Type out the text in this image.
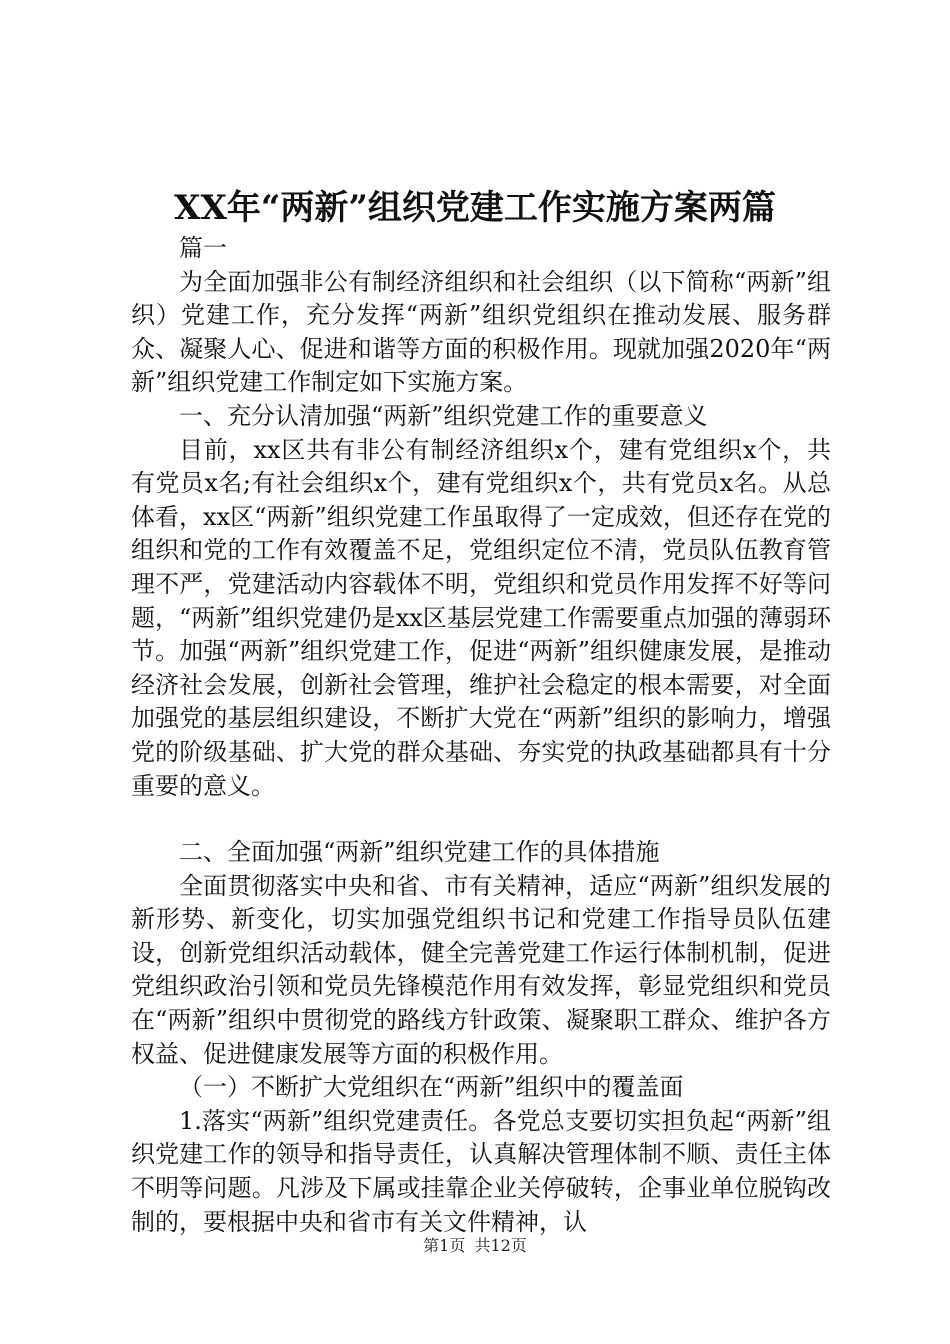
XX年“两新”组织党建工作实施方案两篇

篇一

为全面加强非公有制经济组织和社会组织（以下简称“两新”组织）党建工作，充分发挥“两新”组织党组织在推动发展、服务群众、凝聚人心、促进和谐等方面的积极作用。现就加强2020年“两新”组织党建工作制定如下实施方案。

一、充分认清加强“两新”组织党建工作的重要意义

目前，xx区共有非公有制经济组织x个，建有党组织x个，共有党员x名;有社会组织x个，建有党组织x个，共有党员x名。从总体看，xx区“两新”组织党建工作虽取得了一定成效，但还存在党的组织和党的工作有效覆盖不足，党组织定位不清，党员队伍教育管理不严，党建活动内容载体不明，党组织和党员作用发挥不好等问题，“两新”组织党建仍是xx区基层党建工作需要重点加强的薄弱环节。加强“两新”组织党建工作，促进“两新”组织健康发展，是推动经济社会发展，创新社会管理，维护社会稳定的根本需要，对全面加强党的基层组织建设，不断扩大党在“两新”组织的影响力，增强党的阶级基础、扩大党的群众基础、夯实党的执政基础都具有十分重要的意义。

二、全面加强“两新”组织党建工作的具体措施

全面贯彻落实中央和省、市有关精神，适应“两新”组织发展的新形势、新变化，切实加强党组织书记和党建工作指导员队伍建设，创新党组织活动载体，健全完善党建工作运行体制机制，促进党组织政治引领和党员先锋模范作用有效发挥，彰显党组织和党员在“两新”组织中贯彻党的路线方针政策、凝聚职工群众、维护各方权益、促进健康发展等方面的积极作用。

（一）不断扩大党组织在“两新”组织中的覆盖面

1.落实“两新”组织党建责任。各党总支要切实担负起“两新”组织党建工作的领导和指导责任，认真解决管理体制不顺、责任主体不明等问题。凡涉及下属或挂靠企业关停破转，企事业单位脱钩改制的，要根据中央和省市有关文件精神，认

第1页 共12页
